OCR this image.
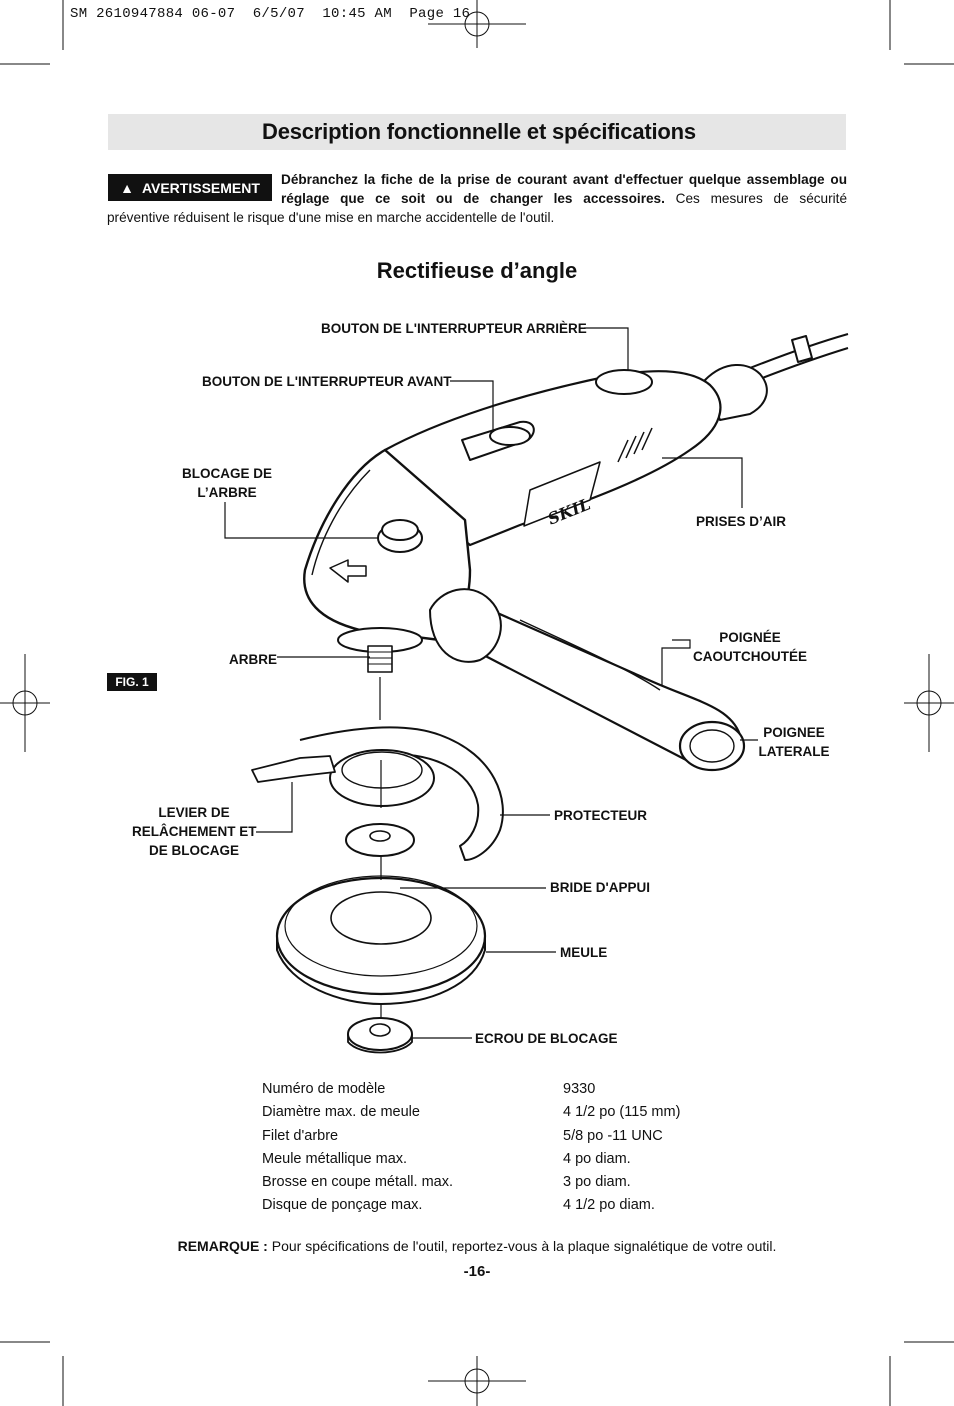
SM 2610947884 06-07  6/5/07  10:45 AM  Page 16
Description fonctionnelle et spécifications
▲ AVERTISSEMENT Débranchez la fiche de la prise de courant avant d'effectuer quelque assemblage ou réglage que ce soit ou de changer les accessoires. Ces mesures de sécurité
préventive réduisent le risque d'une mise en marche accidentelle de l'outil.
Rectifieuse d’angle
BOUTON DE L'INTERRUPTEUR ARRIÈRE
BOUTON DE L'INTERRUPTEUR AVANT
BLOCAGE DE
L’ARBRE
PRISES D’AIR
POIGNÉE
CAOUTCHOUTÉE
ARBRE
FIG. 1
POIGNEE
LATERALE
LEVIER DE
RELÂCHEMENT ET
DE BLOCAGE
PROTECTEUR
BRIDE D'APPUI
MEULE
ECROU DE BLOCAGE
SKIL
Numéro de modèle	9330
Diamètre max. de meule	4 1/2 po (115 mm)
Filet d'arbre	5/8 po -11 UNC
Meule métallique max.	4 po diam.
Brosse en coupe métall. max.	3 po diam.
Disque de ponçage max.	4 1/2 po diam.
REMARQUE : Pour spécifications de l'outil, reportez-vous à la plaque signalétique de votre outil.
-16-
